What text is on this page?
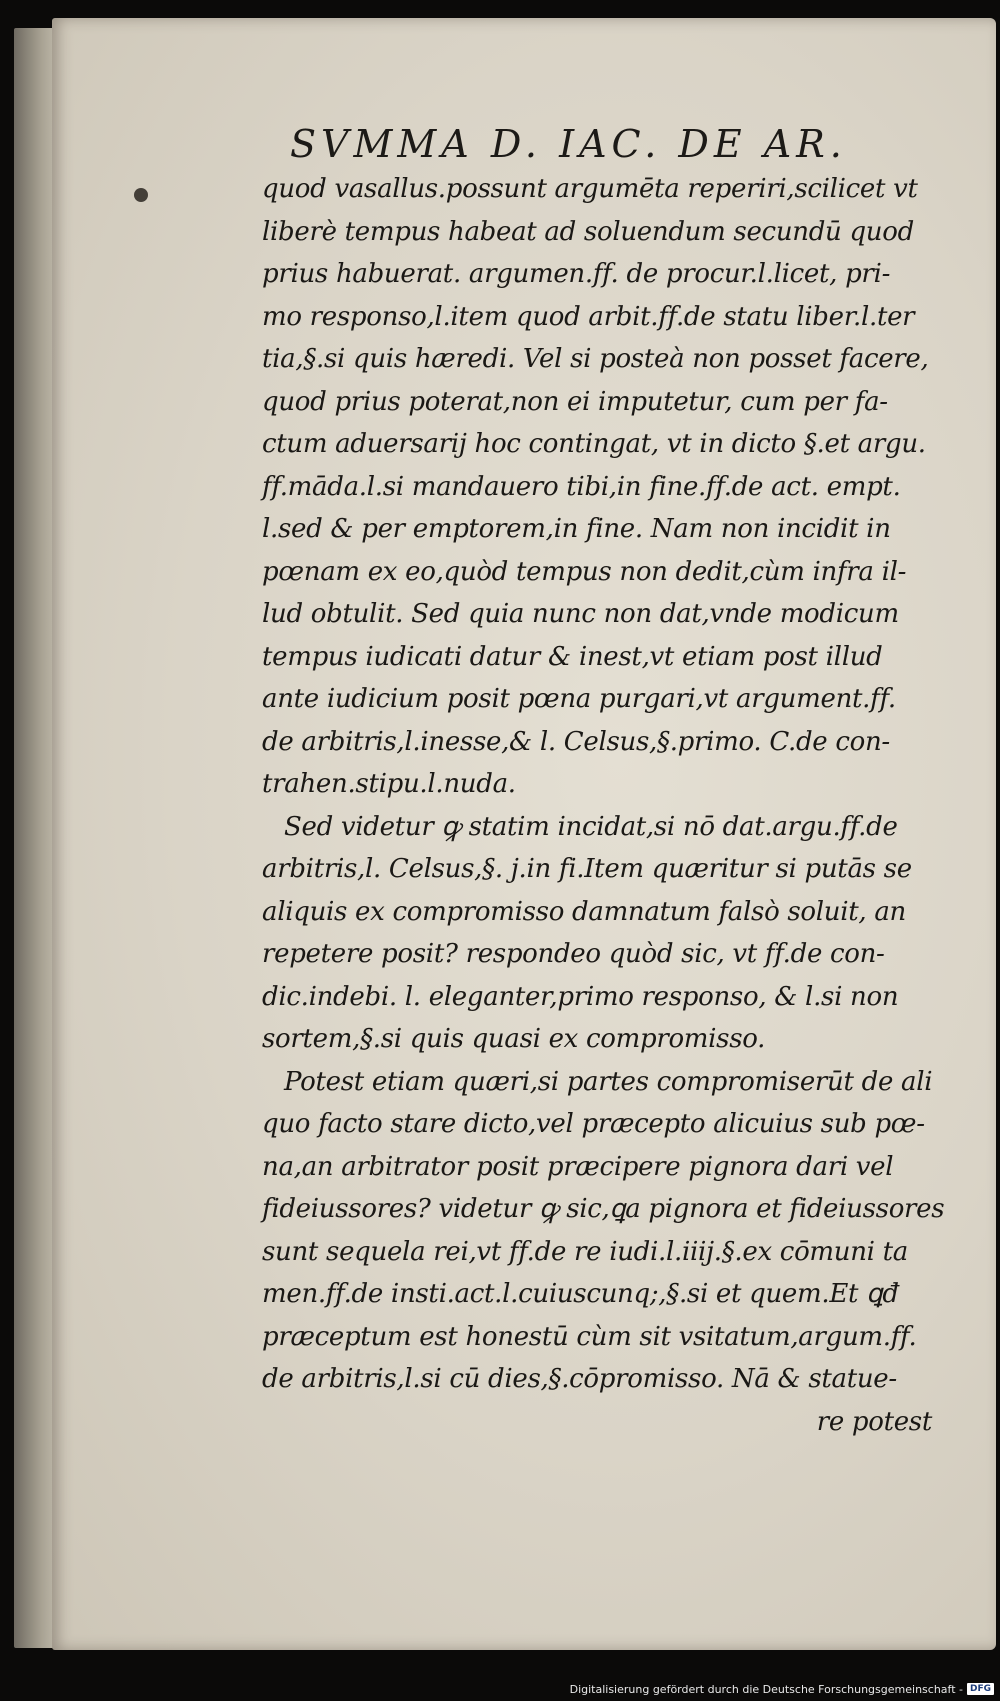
SVMMA D. IAC. DE AR.
quod vasallus.possunt argumēta reperiri,scilicet vt
liberè tempus habeat ad soluendum secundū quod
prius habuerat. argumen.ff. de procur.l.licet, pri-
mo responso,l.item quod arbit.ff.de statu liber.l.ter
tia,§.si quis hæredi. Vel si posteà non posset facere,
quod prius poterat,non ei imputetur, cum per fa-
ctum aduersarij hoc contingat, vt in dicto §.et argu.
ff.māda.l.si mandauero tibi,in fine.ff.de act. empt.
l.sed & per emptorem,in fine. Nam non incidit in
pœnam ex eo,quòd tempus non dedit,cùm infra il-
lud obtulit. Sed quia nunc non dat,vnde modicum
tempus iudicati datur & inest,vt etiam post illud
ante iudicium posit pœna purgari,vt argument.ff.
de arbitris,l.inesse,& l. Celsus,§.primo. C.de con-
trahen.stipu.l.nuda.
Sed videtur ꝙ statim incidat,si nō dat.argu.ff.de
arbitris,l. Celsus,§. j.in fi.Item quæritur si putās se
aliquis ex compromisso damnatum falsò soluit, an
repetere posit? respondeo quòd sic, vt ff.de con-
dic.indebi. l. eleganter,primo responso, & l.si non
sortem,§.si quis quasi ex compromisso.
Potest etiam quæri,si partes compromiserūt de ali
quo facto stare dicto,vel præcepto alicuius sub pœ-
na,an arbitrator posit præcipere pignora dari vel
fideiussores? videtur ꝙ sic,ꝗa pignora et fideiussores
sunt sequela rei,vt ff.de re iudi.l.iiij.§.ex cōmuni ta
men.ff.de insti.act.l.cuiuscunq;,§.si et quem.Et ꝗđ
præceptum est honestū cùm sit vsitatum,argum.ff.
de arbitris,l.si cū dies,§.cōpromisso. Nā & statue-
re potest
Digitalisierung gefördert durch die Deutsche Forschungsgemeinschaft - DFG
